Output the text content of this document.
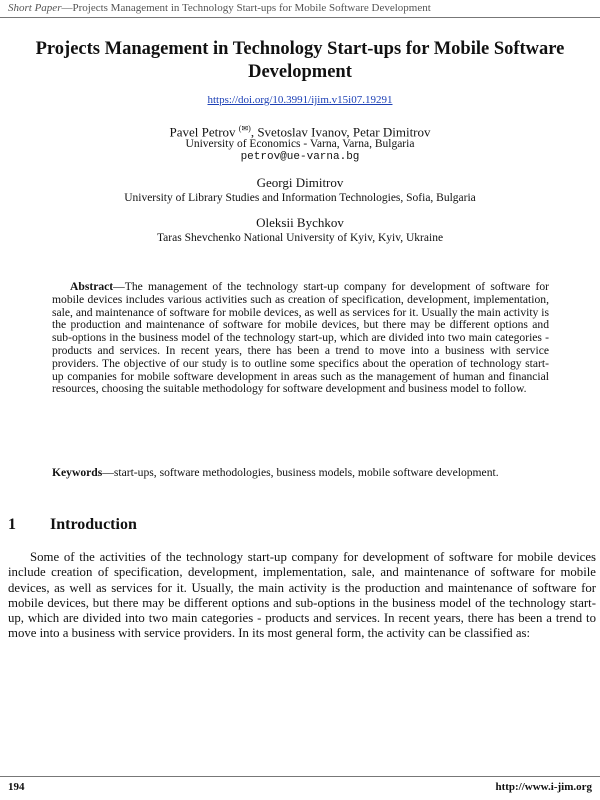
Short Paper—Projects Management in Technology Start-ups for Mobile Software Development
Projects Management in Technology Start-ups for Mobile Software Development
https://doi.org/10.3991/ijim.v15i07.19291
Pavel Petrov (✉), Svetoslav Ivanov, Petar Dimitrov
University of Economics - Varna, Varna, Bulgaria
petrov@ue-varna.bg
Georgi Dimitrov
University of Library Studies and Information Technologies, Sofia, Bulgaria
Oleksii Bychkov
Taras Shevchenko National University of Kyiv, Kyiv, Ukraine
Abstract—The management of the technology start-up company for development of software for mobile devices includes various activities such as creation of specification, development, implementation, sale, and maintenance of software for mobile devices, as well as services for it. Usually the main activity is the production and maintenance of software for mobile devices, but there may be different options and sub-options in the business model of the technology start-up, which are divided into two main categories - products and services. In recent years, there has been a trend to move into a business with service providers. The objective of our study is to outline some specifics about the operation of technology start-up companies for mobile software development in areas such as the management of human and financial resources, choosing the suitable methodology for software development and business model to follow.
Keywords—start-ups, software methodologies, business models, mobile software development.
1 Introduction
Some of the activities of the technology start-up company for development of software for mobile devices include creation of specification, development, implementation, sale, and maintenance of software for mobile devices, as well as services for it. Usually, the main activity is the production and maintenance of software for mobile devices, but there may be different options and sub-options in the business model of the technology start-up, which are divided into two main categories - products and services. In recent years, there has been a trend to move into a business with service providers. In its most general form, the activity can be classified as:
194	http://www.i-jim.org
